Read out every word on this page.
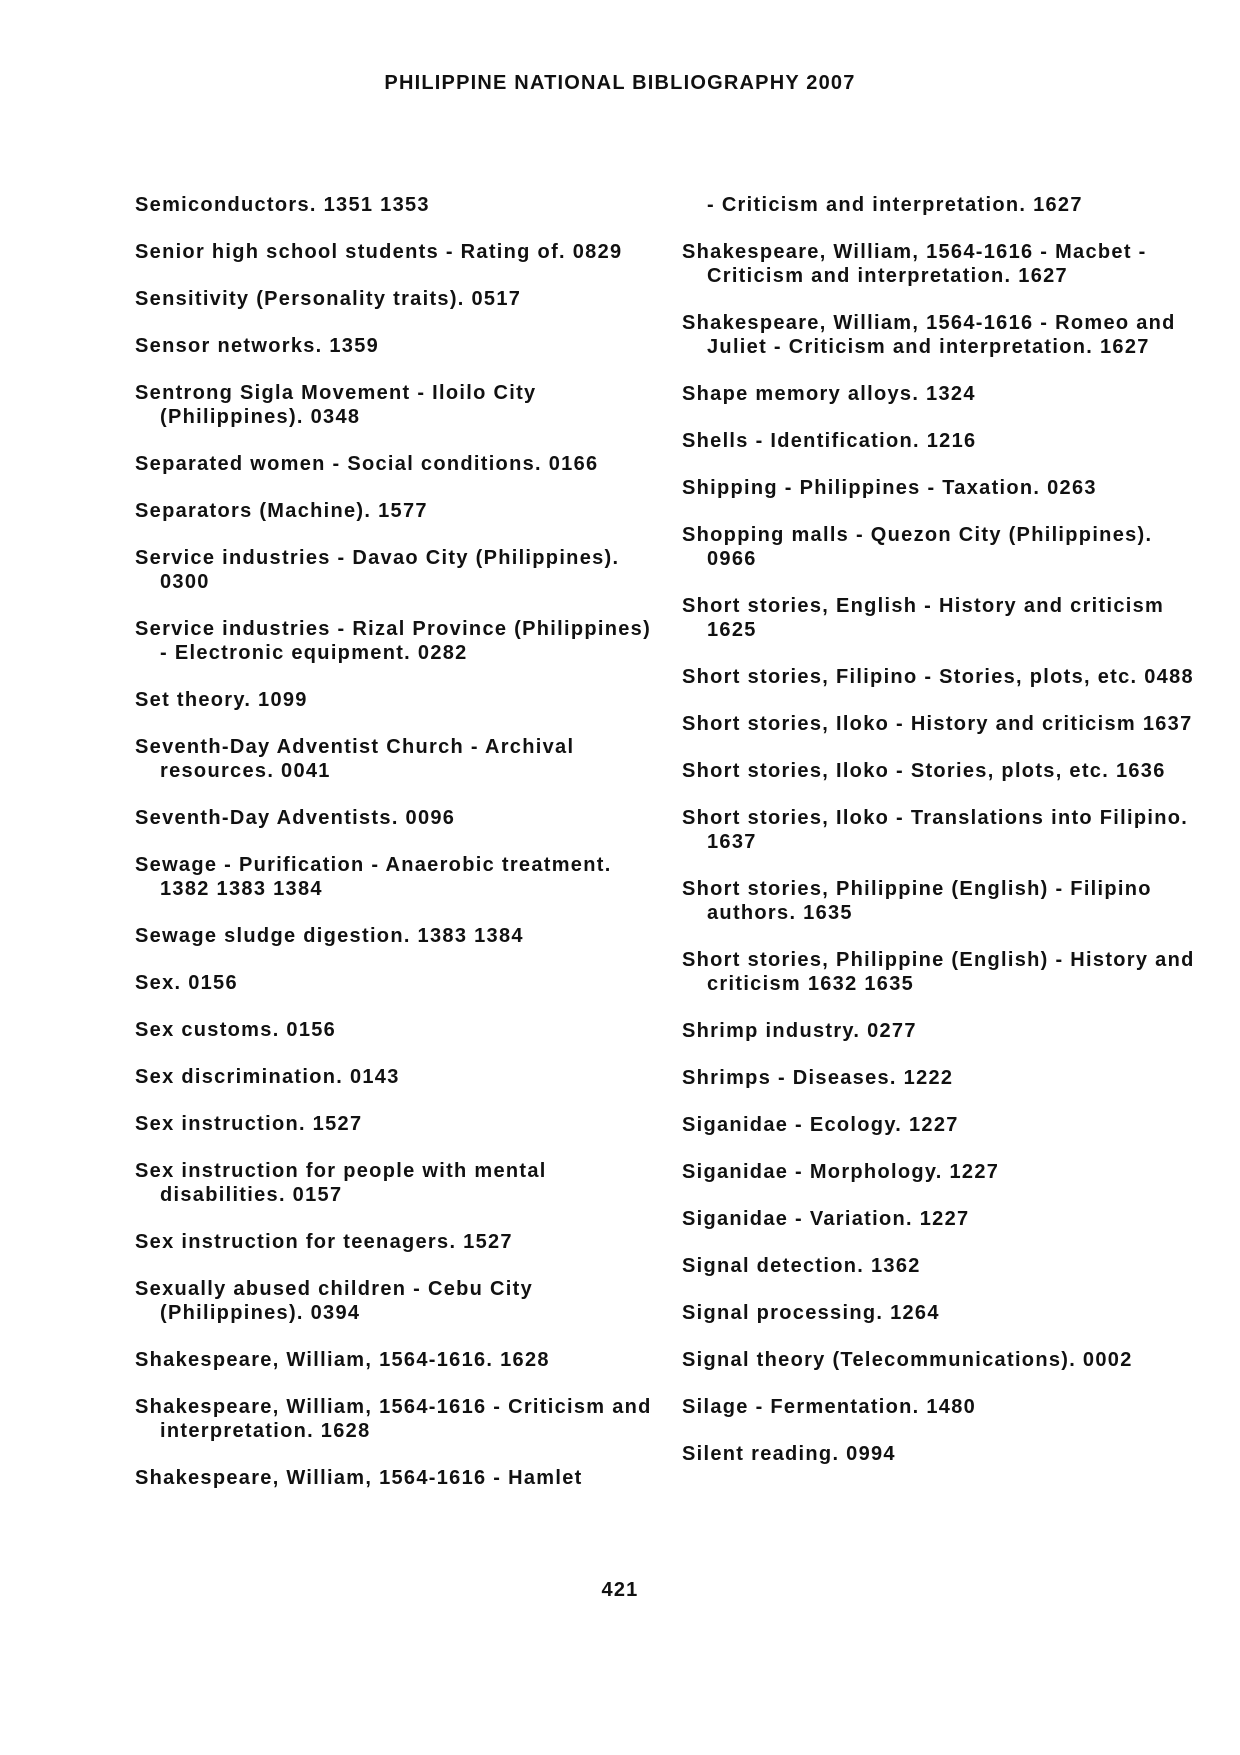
PHILIPPINE NATIONAL BIBLIOGRAPHY 2007
Semiconductors. 1351 1353
Senior high school students - Rating of. 0829
Sensitivity (Personality traits). 0517
Sensor networks. 1359
Sentrong Sigla Movement - Iloilo City (Philippines). 0348
Separated women - Social conditions. 0166
Separators (Machine). 1577
Service industries - Davao City (Philippines). 0300
Service industries - Rizal Province (Philippines) - Electronic equipment. 0282
Set theory. 1099
Seventh-Day Adventist Church - Archival resources. 0041
Seventh-Day Adventists. 0096
Sewage - Purification - Anaerobic treatment. 1382 1383 1384
Sewage sludge digestion. 1383 1384
Sex. 0156
Sex customs. 0156
Sex discrimination. 0143
Sex instruction. 1527
Sex instruction for people with mental disabilities. 0157
Sex instruction for teenagers. 1527
Sexually abused children - Cebu City (Philippines). 0394
Shakespeare, William, 1564-1616. 1628
Shakespeare, William, 1564-1616 - Criticism and interpretation. 1628
Shakespeare, William, 1564-1616 - Hamlet
- Criticism and interpretation. 1627
Shakespeare, William, 1564-1616 - Macbet - Criticism and interpretation. 1627
Shakespeare, William, 1564-1616 - Romeo and Juliet - Criticism and interpretation. 1627
Shape memory alloys. 1324
Shells - Identification. 1216
Shipping - Philippines - Taxation. 0263
Shopping malls - Quezon City (Philippines). 0966
Short stories, English - History and criticism 1625
Short stories, Filipino - Stories, plots, etc. 0488
Short stories, Iloko - History and criticism 1637
Short stories, Iloko - Stories, plots, etc. 1636
Short stories, Iloko - Translations into Filipino. 1637
Short stories, Philippine (English) - Filipino authors. 1635
Short stories, Philippine (English) - History and criticism 1632 1635
Shrimp industry. 0277
Shrimps - Diseases. 1222
Siganidae - Ecology. 1227
Siganidae - Morphology. 1227
Siganidae - Variation. 1227
Signal detection. 1362
Signal processing. 1264
Signal theory (Telecommunications). 0002
Silage - Fermentation. 1480
Silent reading. 0994
421
